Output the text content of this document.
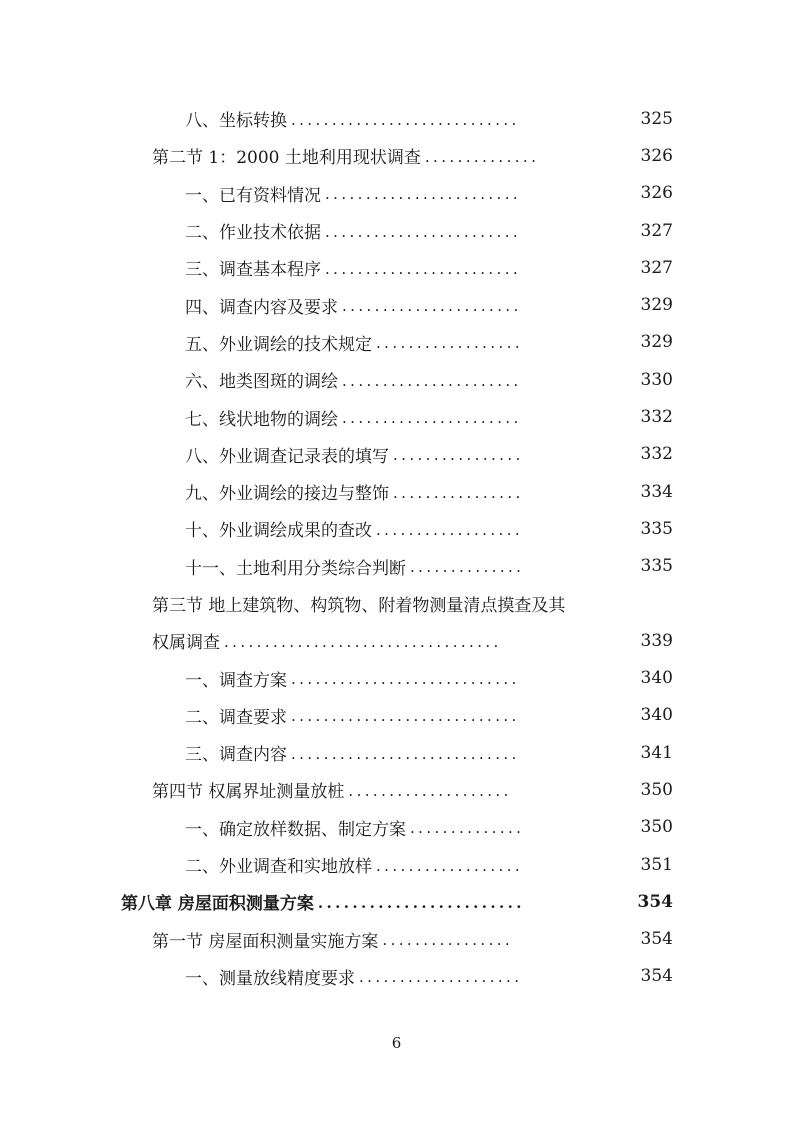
八、坐标转换 ............................	325
第二节 1：2000 土地利用现状调查 ..............	326
一、已有资料情况 ........................	326
二、作业技术依据 ........................	327
三、调查基本程序 ........................	327
四、调查内容及要求 ......................	329
五、外业调绘的技术规定 ..................	329
六、地类图斑的调绘 ......................	330
七、线状地物的调绘 ......................	332
八、外业调查记录表的填写 ................	332
九、外业调绘的接边与整饰 ................	334
十、外业调绘成果的查改 ..................	335
十一、土地利用分类综合判断 ..............	335
第三节 地上建筑物、构筑物、附着物测量清点摸查及其
权属调查 ..................................	339
一、调查方案 ............................	340
二、调查要求 ............................	340
三、调查内容 ............................	341
第四节 权属界址测量放桩 ....................	350
一、确定放样数据、制定方案 ..............	350
二、外业调查和实地放样 ..................	351
第八章 房屋面积测量方案 ........................	354
第一节 房屋面积测量实施方案 ................	354
一、测量放线精度要求 ....................	354
6
